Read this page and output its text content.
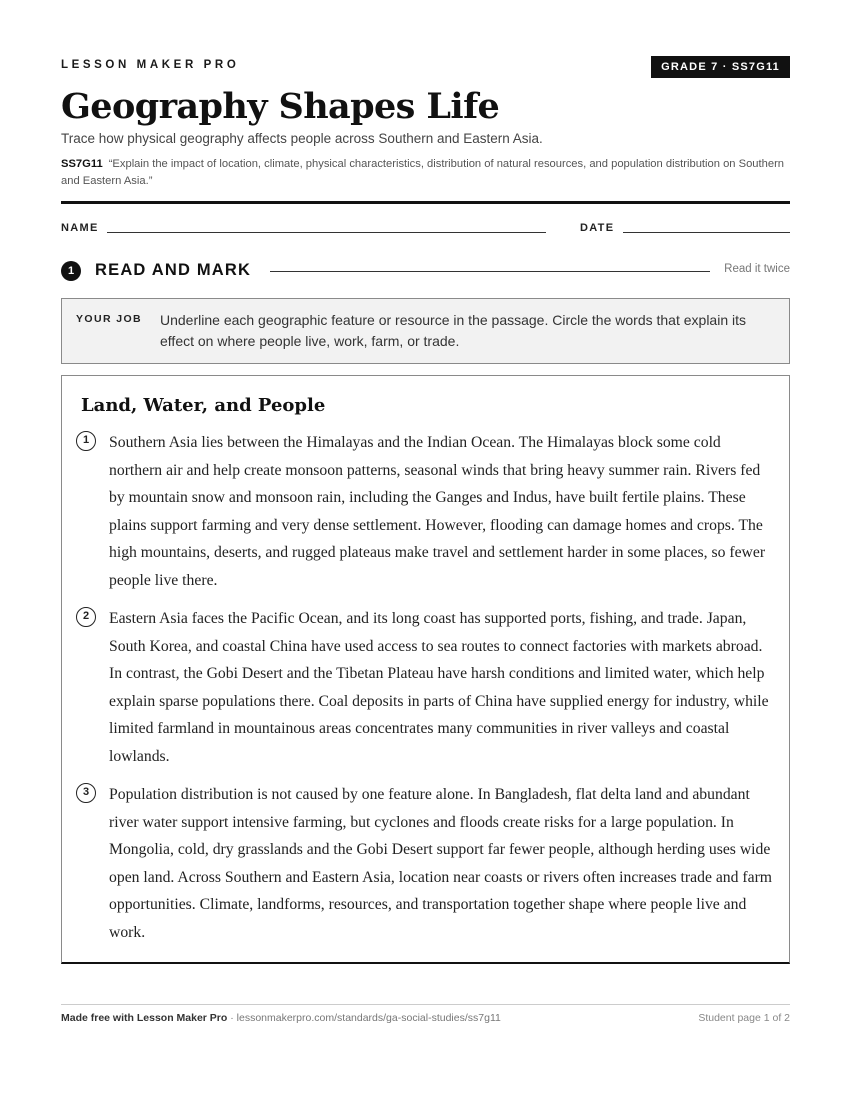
LESSON MAKER PRO	GRADE 7 · SS7G11
Geography Shapes Life
Trace how physical geography affects people across Southern and Eastern Asia.
SS7G11 “Explain the impact of location, climate, physical characteristics, distribution of natural resources, and population distribution on Southern and Eastern Asia.”
NAME	DATE
1	READ AND MARK	Read it twice
YOUR JOB Underline each geographic feature or resource in the passage. Circle the words that explain its effect on where people live, work, farm, or trade.
Land, Water, and People
1	Southern Asia lies between the Himalayas and the Indian Ocean. The Himalayas block some cold northern air and help create monsoon patterns, seasonal winds that bring heavy summer rain. Rivers fed by mountain snow and monsoon rain, including the Ganges and Indus, have built fertile plains. These plains support farming and very dense settlement. However, flooding can damage homes and crops. The high mountains, deserts, and rugged plateaus make travel and settlement harder in some places, so fewer people live there.

2	Eastern Asia faces the Pacific Ocean, and its long coast has supported ports, fishing, and trade. Japan, South Korea, and coastal China have used access to sea routes to connect factories with markets abroad. In contrast, the Gobi Desert and the Tibetan Plateau have harsh conditions and limited water, which help explain sparse populations there. Coal deposits in parts of China have supplied energy for industry, while limited farmland in mountainous areas concentrates many communities in river valleys and coastal lowlands.

3	Population distribution is not caused by one feature alone. In Bangladesh, flat delta land and abundant river water support intensive farming, but cyclones and floods create risks for a large population. In Mongolia, cold, dry grasslands and the Gobi Desert support far fewer people, although herding uses wide open land. Across Southern and Eastern Asia, location near coasts or rivers often increases trade and farm opportunities. Climate, landforms, resources, and transportation together shape where people live and work.

Made free with Lesson Maker Pro · lessonmakerpro.com/standards/ga-social-studies/ss7g11	Student page 1 of 2
